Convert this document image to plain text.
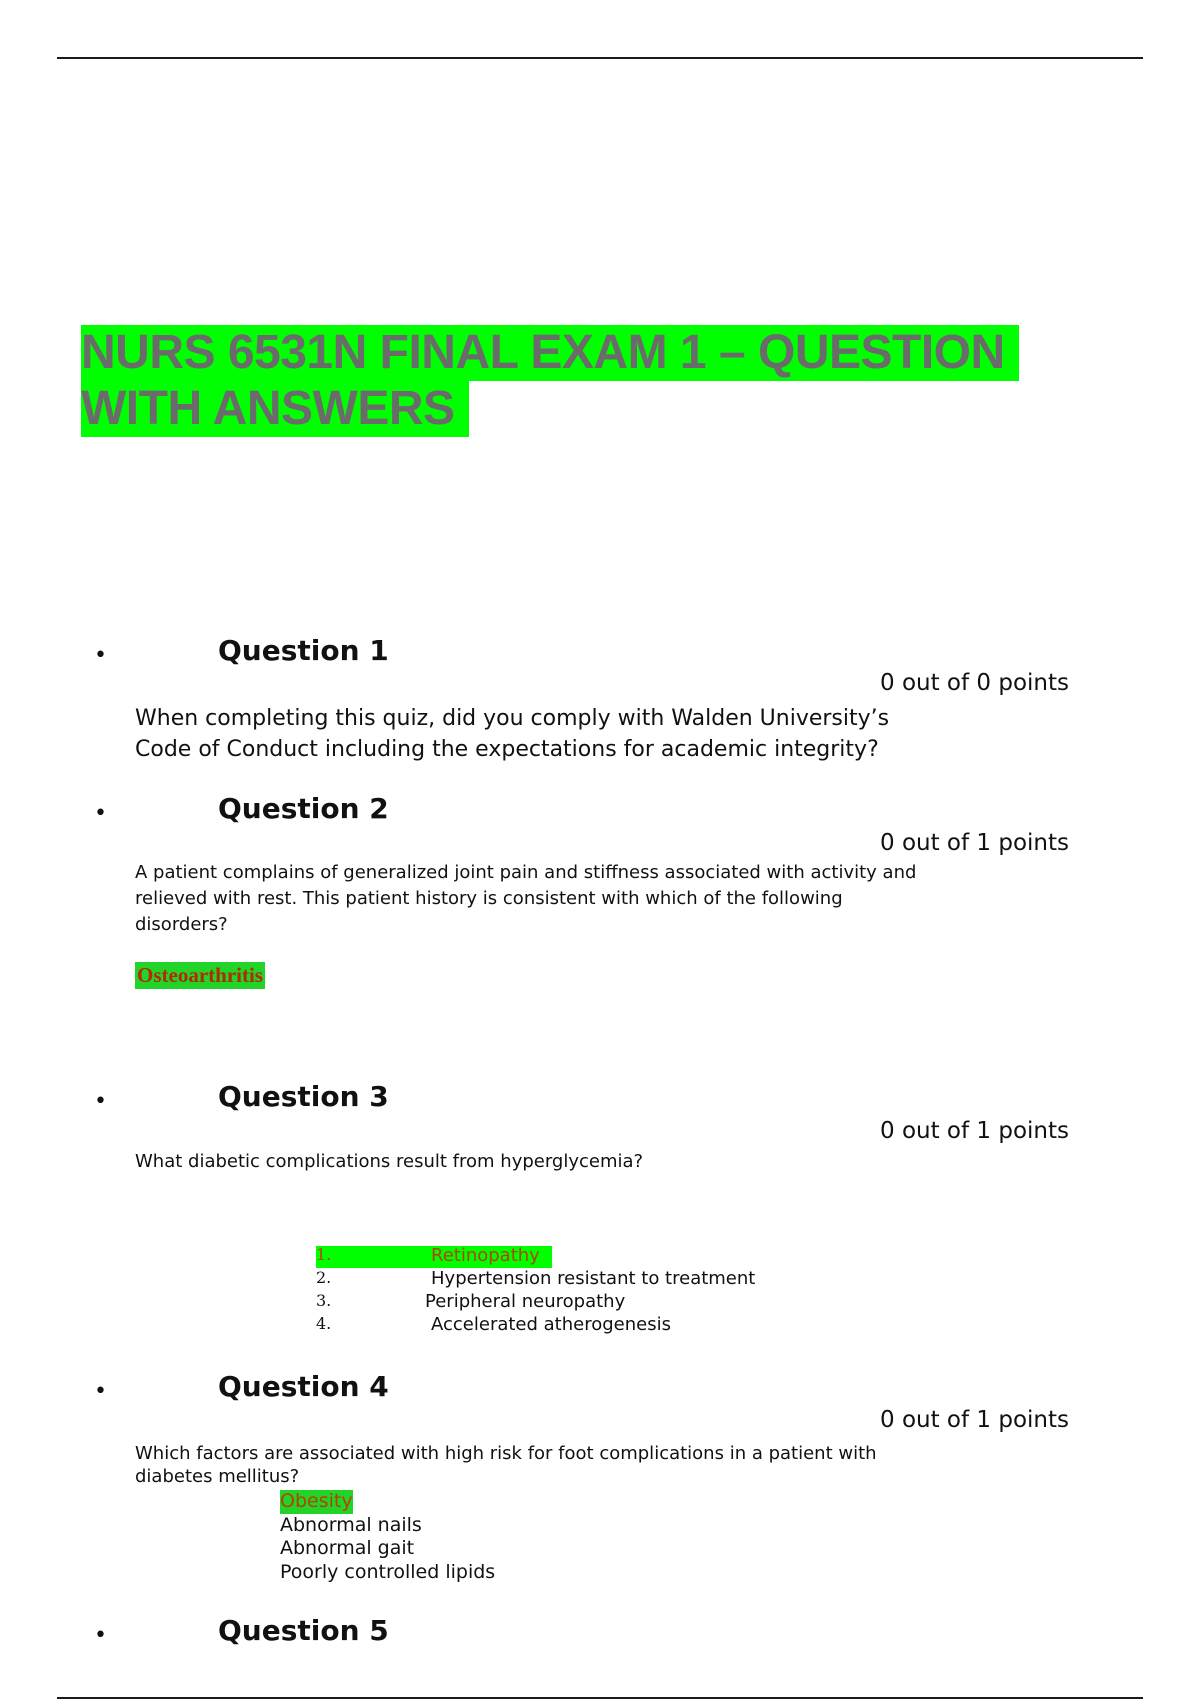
NURS 6531N FINAL EXAM 1 – QUESTION
WITH ANSWERS
•	Question 1
0 out of 0 points

When completing this quiz, did you comply with Walden University’s
Code of Conduct including the expectations for academic integrity?

•	Question 2
0 out of 1 points

A patient complains of generalized joint pain and stiffness associated with activity and
relieved with rest. This patient history is consistent with which of the following
disorders?

Osteoarthritis
•	Question 3
0 out of 1 points

What diabetic complications result from hyperglycemia?

1.	Retinopathy
2.	Hypertension resistant to treatment
3.	Peripheral neuropathy
4.	Accelerated atherogenesis
•	Question 4
0 out of 1 points

Which factors are associated with high risk for foot complications in a patient with
diabetes mellitus?

Obesity
Abnormal nails
Abnormal gait
Poorly controlled lipids
•	Question 5
